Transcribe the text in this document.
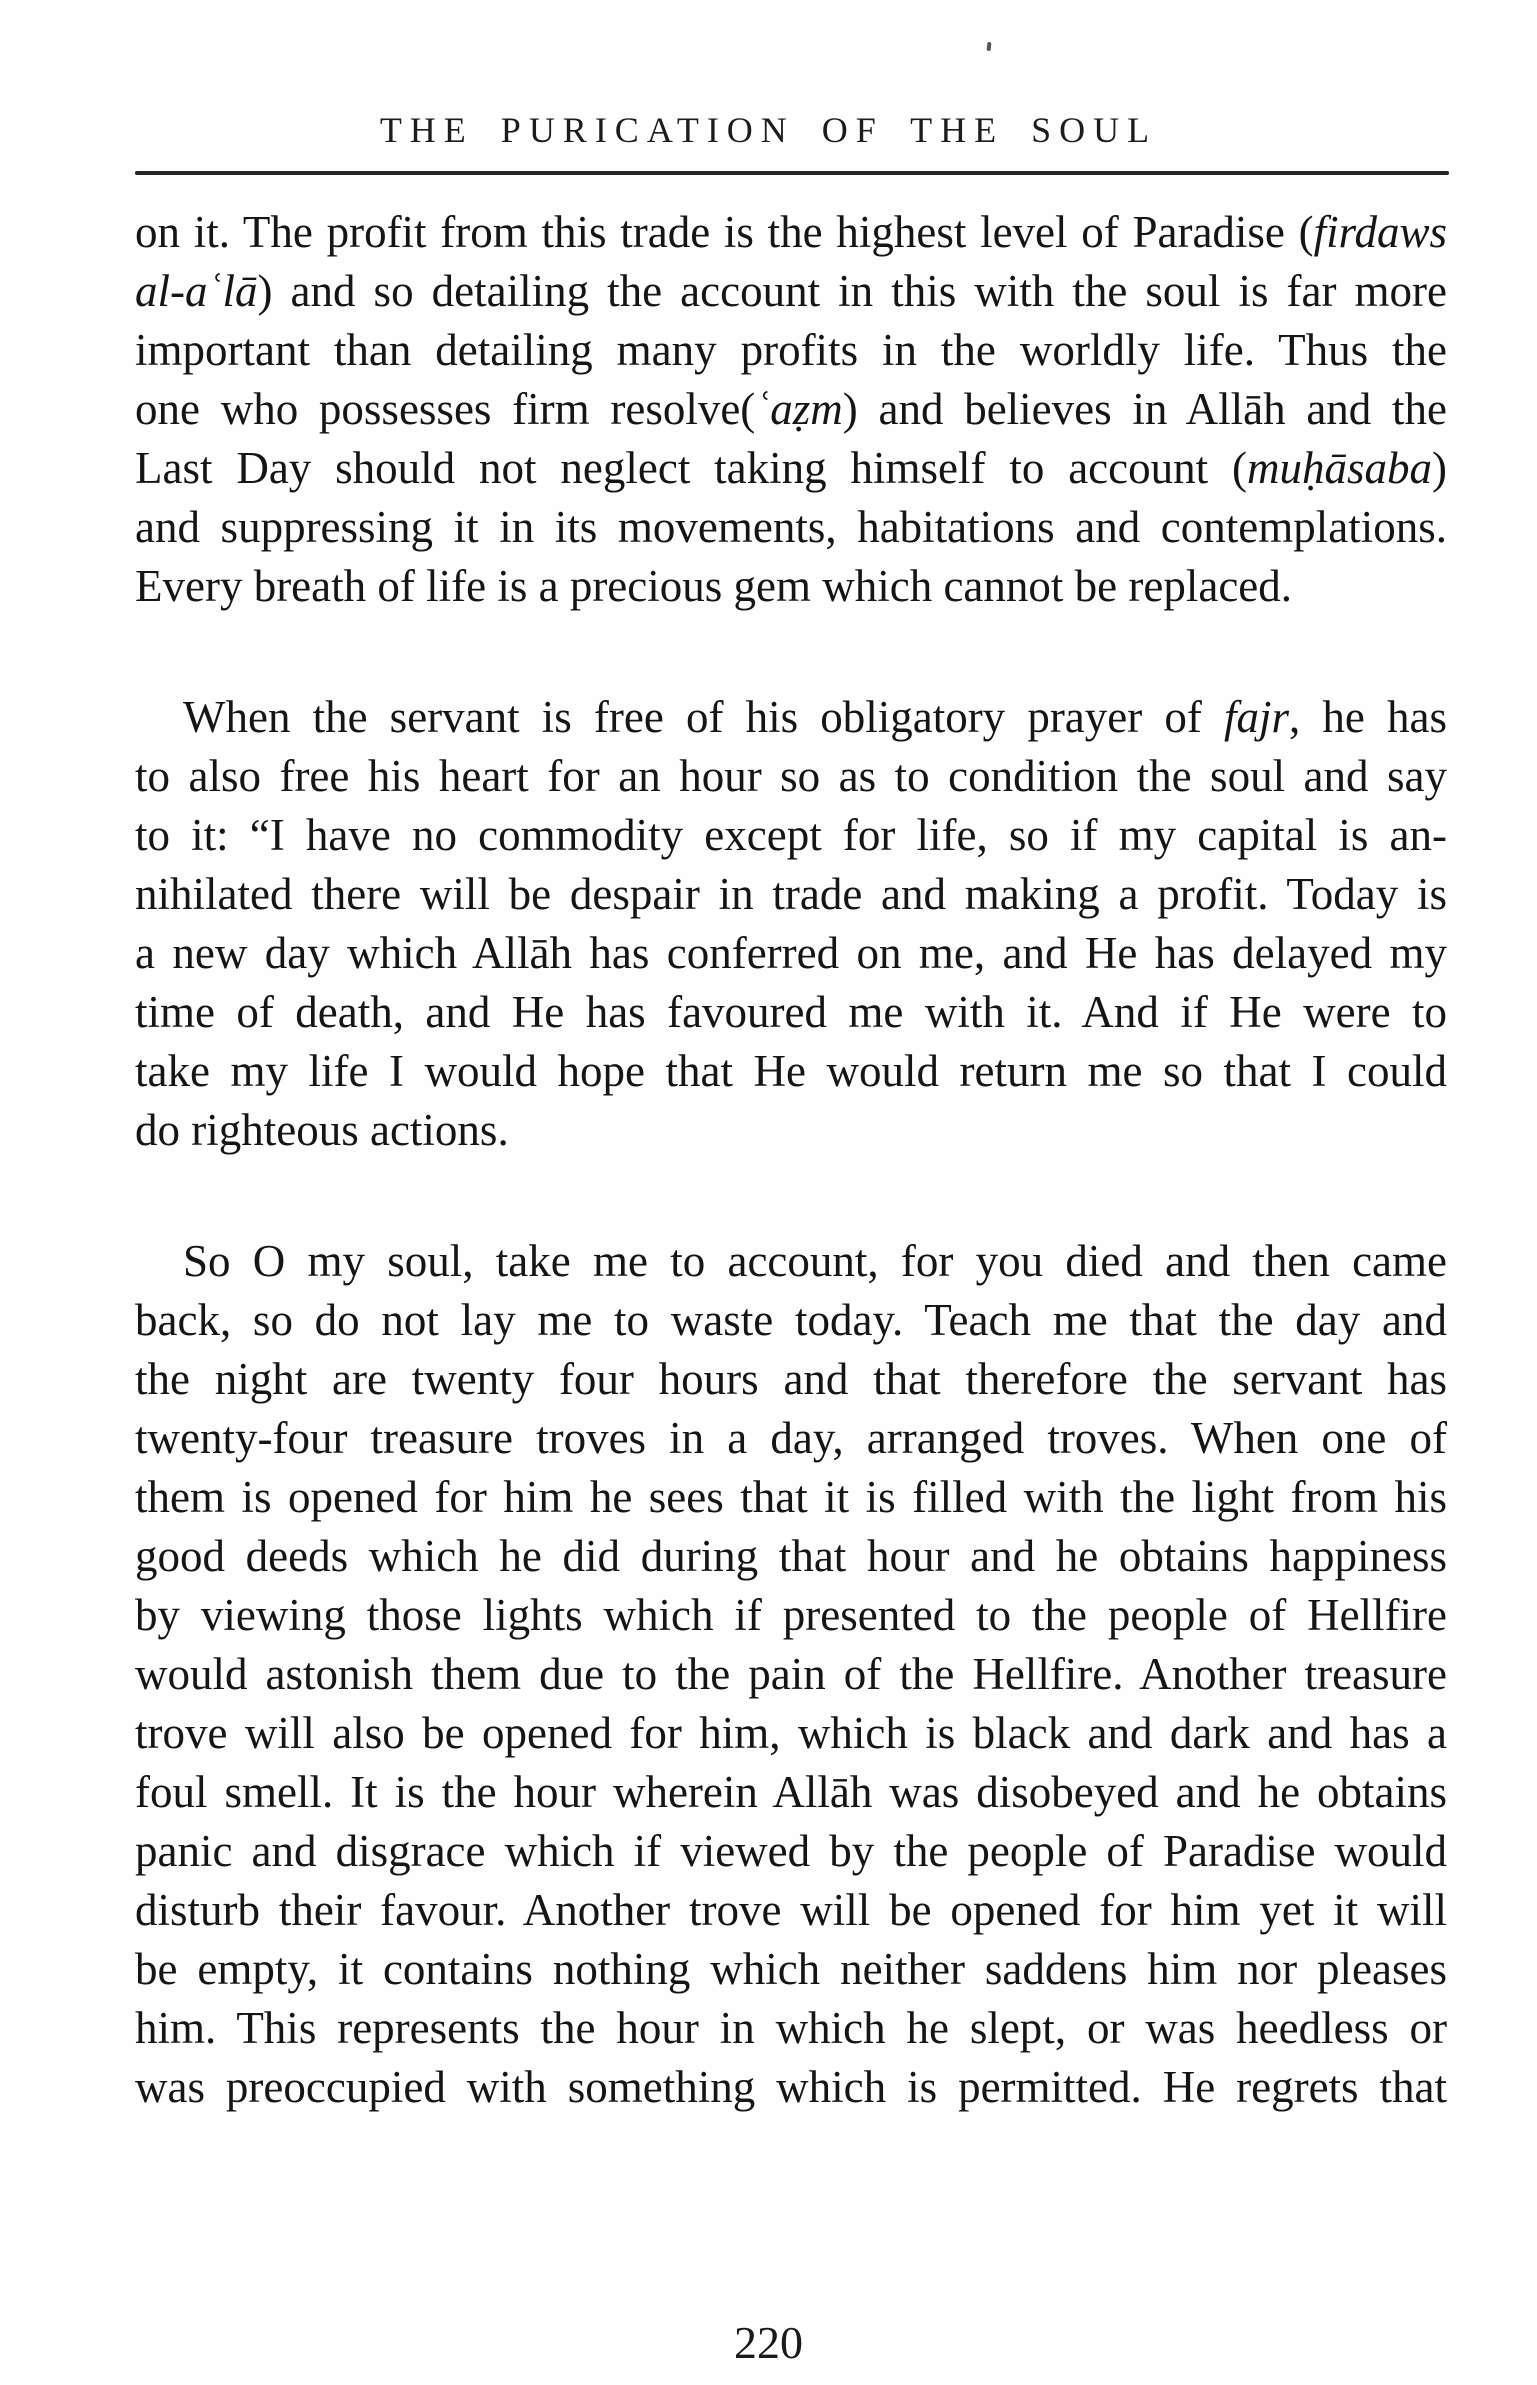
THE PURICATION OF THE SOUL
on it. The profit from this trade is the highest level of Paradise (firdaws
al-aʿlā) and so detailing the account in this with the soul is far more
important than detailing many profits in the worldly life. Thus the
one who possesses firm resolve(ʿaẓm) and believes in Allāh and the
Last Day should not neglect taking himself to account (muḥāsaba)
and suppressing it in its movements, habitations and contemplations.
Every breath of life is a precious gem which cannot be replaced.
When the servant is free of his obligatory prayer of fajr, he has
to also free his heart for an hour so as to condition the soul and say
to it: “I have no commodity except for life, so if my capital is an-
nihilated there will be despair in trade and making a profit. Today is
a new day which Allāh has conferred on me, and He has delayed my
time of death, and He has favoured me with it. And if He were to
take my life I would hope that He would return me so that I could
do righteous actions.
So O my soul, take me to account, for you died and then came
back, so do not lay me to waste today. Teach me that the day and
the night are twenty four hours and that therefore the servant has
twenty-four treasure troves in a day, arranged troves. When one of
them is opened for him he sees that it is filled with the light from his
good deeds which he did during that hour and he obtains happiness
by viewing those lights which if presented to the people of Hellfire
would astonish them due to the pain of the Hellfire. Another treasure
trove will also be opened for him, which is black and dark and has a
foul smell. It is the hour wherein Allāh was disobeyed and he obtains
panic and disgrace which if viewed by the people of Paradise would
disturb their favour. Another trove will be opened for him yet it will
be empty, it contains nothing which neither saddens him nor pleases
him. This represents the hour in which he slept, or was heedless or
was preoccupied with something which is permitted. He regrets that
220
